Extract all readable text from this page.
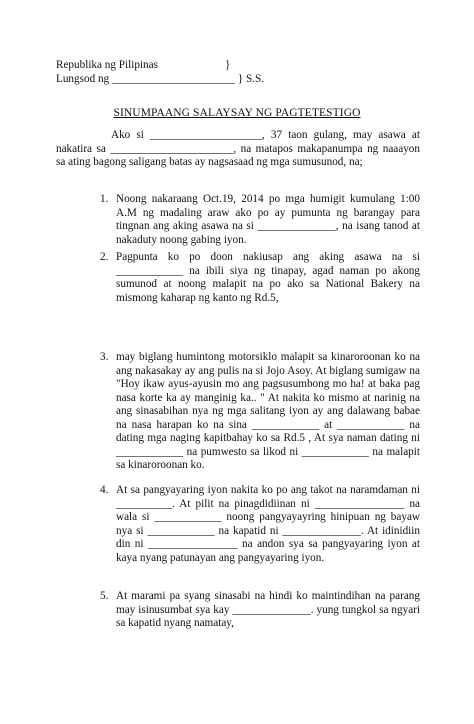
Republika ng Pilipinas                        }
Lungsod ng ______________________ } S.S.
SINUMPAANG SALAYSAY NG PAGTETESTIGO

Ako si ____________________, 37 taon gulang, may asawa at nakatira sa ______________________, na matapos makapanumpa ng naaayon sa ating bagong saligang batas ay nagsasaad ng mga sumusunod, na;

1. Noong nakaraang Oct.19, 2014 po mga humigit kumulang 1:00 A.M ng madaling araw ako po ay pumunta ng barangay para tingnan ang aking asawa na si ______________, na isang tanod at nakaduty noong gabing iyon.
2. Pagpunta ko po doon nakiusap ang aking asawa na si ____________ na ibili siya ng tinapay, agad naman po akong sumunod at noong malapit na po ako sa National Bakery na mismong kaharap ng kanto ng Rd.5,
3. may biglang humintong motorsiklo malapit sa kinaroroonan ko na ang nakasakay ay ang pulis na si Jojo Asoy. At biglang sumigaw na "Hoy ikaw ayus-ayusin mo ang pagsusumbong mo ha! at baka pag nasa korte ka ay manginig ka.. " At nakita ko mismo at narinig na ang sinasabihan nya ng mga salitang iyon ay ang dalawang babae na nasa harapan ko na sina ____________ at ____________ na dating mga naging kapitbahay ko sa Rd.5 , At sya naman dating ni ____________ na pumwesto sa likod ni ____________ na malapit sa kinaroroonan ko.
4. At sa pangyayaring iyon nakita ko po ang takot na naramdaman ni __________. At pilit na pinagdidiinan ni ________________ na wala si ____________ noong pangyayayring hinipuan ng bayaw nya si ____________ na kapatid ni ______________. At idinidiin din ni ________________ na andon sya sa pangyayaring iyon at kaya nyang patunayan ang pangyayaring iyon.
5. At marami pa syang sinasabi na hindi ko maintindihan na parang may isinusumbat sya kay ______________. yung tungkol sa ngyari sa kapatid nyang namatay,
